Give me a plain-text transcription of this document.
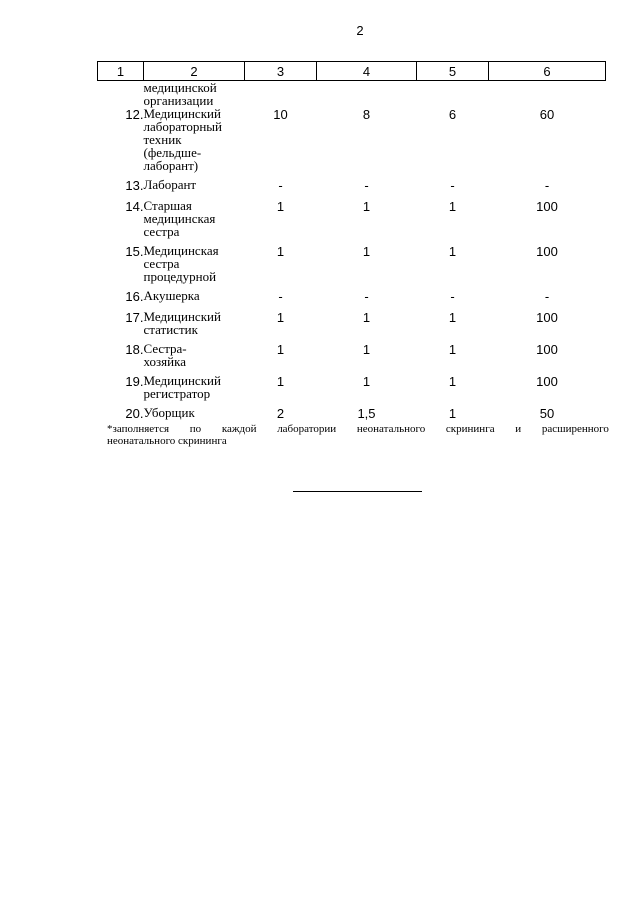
2
1	2	3	4	5	6
	медицинской
организации				
12.	Медицинский
лабораторный
техник
(фельдше-
лаборант)	10	8	6	60
13.	Лаборант	-	-	-	-
14.	Старшая
медицинская
сестра	1	1	1	100
15.	Медицинская
сестра
процедурной	1	1	1	100
16.	Акушерка	-	-	-	-
17.	Медицинский
статистик	1	1	1	100
18.	Сестра-
хозяйка	1	1	1	100
19.	Медицинский
регистратор	1	1	1	100
20.	Уборщик	2	1,5	1	50
*заполняется по каждой лаборатории неонатального скрининга и расширенного
неонатального скрининга
